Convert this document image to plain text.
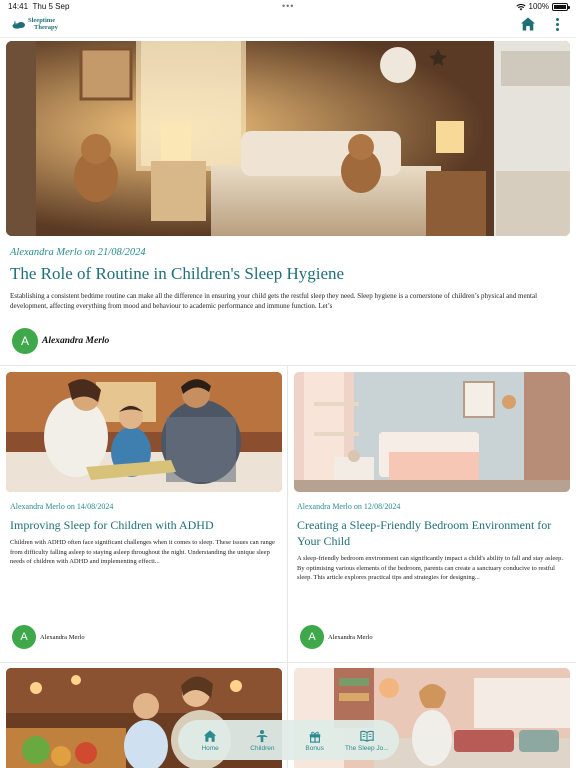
14:41 Thu 5 Sep	•••	100%
Sleeptime
Therapy
Alexandra Merlo on 21/08/2024
The Role of Routine in Children's Sleep Hygiene
Establishing a consistent bedtime routine can make all the difference in ensuring your child gets the restful sleep they need. Sleep hygiene is a cornerstone of children’s physical and mental development, affecting everything from mood and behaviour to academic performance and immune function. Let’s
A	Alexandra Merlo
Alexandra Merlo on 14/08/2024
Improving Sleep for Children with ADHD
Children with ADHD often face significant challenges when it comes to sleep. These issues can range from difficulty falling asleep to staying asleep throughout the night. Understanding the unique sleep needs of children with ADHD and implementing effecti...
A	Alexandra Merlo
Alexandra Merlo on 12/08/2024
Creating a Sleep-Friendly Bedroom Environment for Your Child
A sleep-friendly bedroom environment can significantly impact a child's ability to fall and stay asleep. By optimising various elements of the bedroom, parents can create a sanctuary conducive to restful sleep. This article explores practical tips and strategies for designing...
A	Alexandra Merlo
Home	Children	Bonus	The Sleep Jo...
